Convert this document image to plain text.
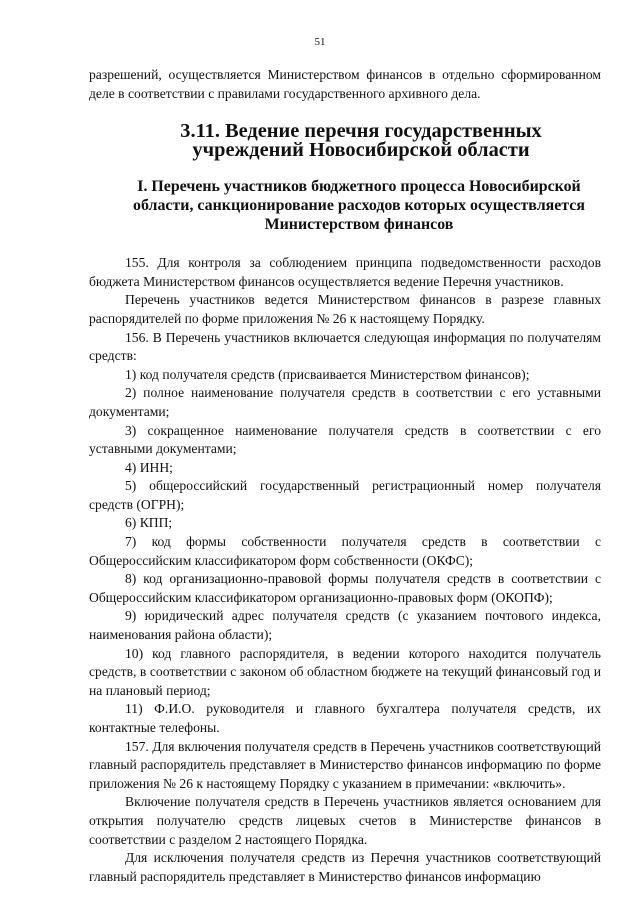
51

разрешений, осуществляется Министерством финансов в отдельно сформированном деле в соответствии с правилами государственного архивного дела.

3.11. Ведение перечня государственных учреждений Новосибирской области
I. Перечень участников бюджетного процесса Новосибирской области, санкционирование расходов которых осуществляется Министерством финансов

155. Для контроля за соблюдением принципа подведомственности расходов бюджета Министерством финансов осуществляется ведение Перечня участников.

Перечень участников ведется Министерством финансов в разрезе главных распорядителей по форме приложения № 26 к настоящему Порядку.

156. В Перечень участников включается следующая информация по получателям средств:

1) код получателя средств (присваивается Министерством финансов);

2) полное наименование получателя средств в соответствии с его уставными документами;

3) сокращенное наименование получателя средств в соответствии с его уставными документами;

4) ИНН;

5) общероссийский государственный регистрационный номер получателя средств (ОГРН);

6) КПП;

7) код формы собственности получателя средств в соответствии с Общероссийским классификатором форм собственности (ОКФС);

8) код организационно-правовой формы получателя средств в соответствии с Общероссийским классификатором организационно-правовых форм (ОКОПФ);

9) юридический адрес получателя средств (с указанием почтового индекса, наименования района области);

10) код главного распорядителя, в ведении которого находится получатель средств, в соответствии с законом об областном бюджете на текущий финансовый год и на плановый период;

11) Ф.И.О. руководителя и главного бухгалтера получателя средств, их контактные телефоны.

157. Для включения получателя средств в Перечень участников соответствующий главный распорядитель представляет в Министерство финансов информацию по форме приложения № 26 к настоящему Порядку с указанием в примечании: «включить».

Включение получателя средств в Перечень участников является основанием для открытия получателю средств лицевых счетов в Министерстве финансов в соответствии с разделом 2 настоящего Порядка.

Для исключения получателя средств из Перечня участников соответствующий главный распорядитель представляет в Министерство финансов информацию
